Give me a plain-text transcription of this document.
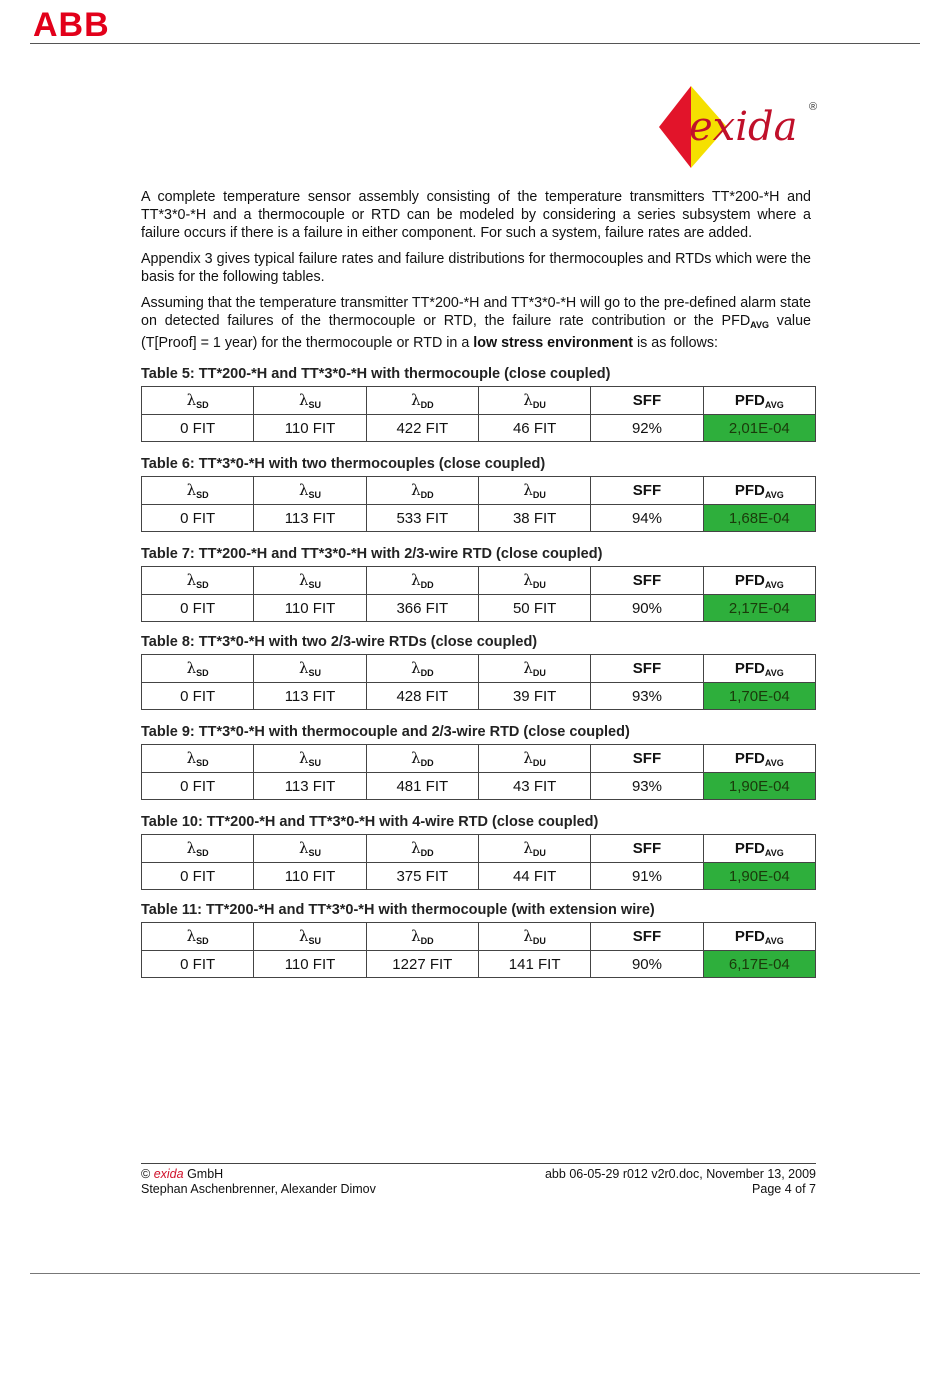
ABB
exida ®

A complete temperature sensor assembly consisting of the temperature transmitters TT*200-*H and TT*3*0-*H and a thermocouple or RTD can be modeled by considering a series subsystem where a failure occurs if there is a failure in either component. For such a system, failure rates are added.

Appendix 3 gives typical failure rates and failure distributions for thermocouples and RTDs which were the basis for the following tables.

Assuming that the temperature transmitter TT*200-*H and TT*3*0-*H will go to the pre-defined alarm state on detected failures of the thermocouple or RTD, the failure rate contribution or the $PFD_{AVG}$ value (T[Proof] = 1 year) for the thermocouple or RTD in a low stress environment is as follows:

Table 5: TT*200-*H and TT*3*0-*H with thermocouple (close coupled)
$\lambda_{SD}$	$\lambda_{SU}$	$\lambda_{DD}$	$\lambda_{DU}$	SFF	$PFD_{AVG}$
0 FIT	110 FIT	422 FIT	46 FIT	92%	2,01E-04
Table 6: TT*3*0-*H with two thermocouples (close coupled)
$\lambda_{SD}$	$\lambda_{SU}$	$\lambda_{DD}$	$\lambda_{DU}$	SFF	$PFD_{AVG}$
0 FIT	113 FIT	533 FIT	38 FIT	94%	1,68E-04
Table 7: TT*200-*H and TT*3*0-*H with 2/3-wire RTD (close coupled)
$\lambda_{SD}$	$\lambda_{SU}$	$\lambda_{DD}$	$\lambda_{DU}$	SFF	$PFD_{AVG}$
0 FIT	110 FIT	366 FIT	50 FIT	90%	2,17E-04
Table 8: TT*3*0-*H with two 2/3-wire RTDs (close coupled)
$\lambda_{SD}$	$\lambda_{SU}$	$\lambda_{DD}$	$\lambda_{DU}$	SFF	$PFD_{AVG}$
0 FIT	113 FIT	428 FIT	39 FIT	93%	1,70E-04
Table 9: TT*3*0-*H with thermocouple and 2/3-wire RTD (close coupled)
$\lambda_{SD}$	$\lambda_{SU}$	$\lambda_{DD}$	$\lambda_{DU}$	SFF	$PFD_{AVG}$
0 FIT	113 FIT	481 FIT	43 FIT	93%	1,90E-04
Table 10: TT*200-*H and TT*3*0-*H with 4-wire RTD (close coupled)
$\lambda_{SD}$	$\lambda_{SU}$	$\lambda_{DD}$	$\lambda_{DU}$	SFF	$PFD_{AVG}$
0 FIT	110 FIT	375 FIT	44 FIT	91%	1,90E-04
Table 11: TT*200-*H and TT*3*0-*H with thermocouple (with extension wire)
$\lambda_{SD}$	$\lambda_{SU}$	$\lambda_{DD}$	$\lambda_{DU}$	SFF	$PFD_{AVG}$
0 FIT	110 FIT	1227 FIT	141 FIT	90%	6,17E-04
© exida GmbH
Stephan Aschenbrenner, Alexander Dimov
abb 06-05-29 r012 v2r0.doc, November 13, 2009
Page 4 of 7
